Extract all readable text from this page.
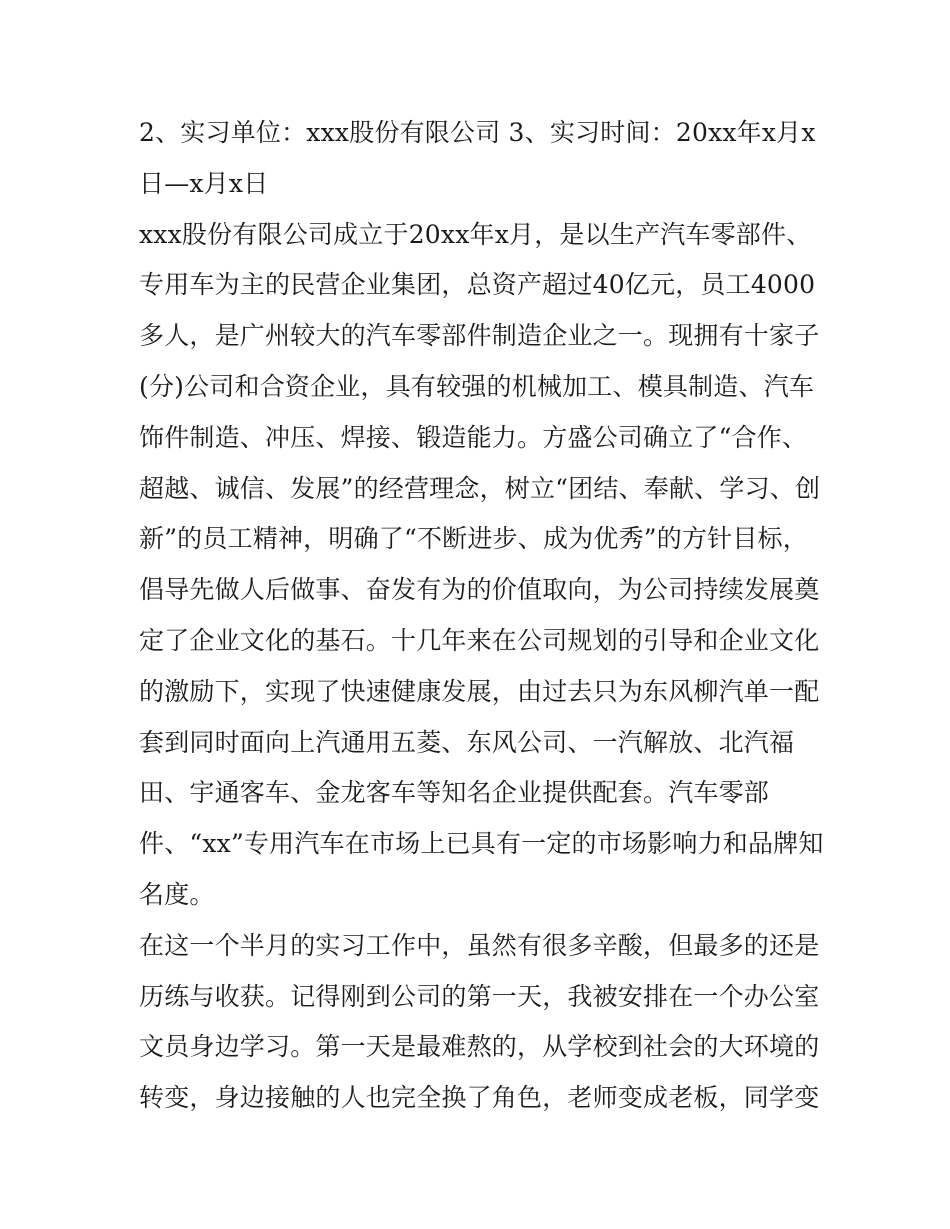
2、实习单位：xxx股份有限公司 3、实习时间：20xx年x月x
日—x月x日
xxx股份有限公司成立于20xx年x月，是以生产汽车零部件、
专用车为主的民营企业集团，总资产超过40亿元，员工4000
多人，是广州较大的汽车零部件制造企业之一。现拥有十家子
(分)公司和合资企业，具有较强的机械加工、模具制造、汽车
饰件制造、冲压、焊接、锻造能力。方盛公司确立了“合作、
超越、诚信、发展”的经营理念，树立“团结、奉献、学习、创
新”的员工精神，明确了“不断进步、成为优秀”的方针目标，
倡导先做人后做事、奋发有为的价值取向，为公司持续发展奠
定了企业文化的基石。十几年来在公司规划的引导和企业文化
的激励下，实现了快速健康发展，由过去只为东风柳汽单一配
套到同时面向上汽通用五菱、东风公司、一汽解放、北汽福
田、宇通客车、金龙客车等知名企业提供配套。汽车零部
件、“xx”专用汽车在市场上已具有一定的市场影响力和品牌知
名度。
在这一个半月的实习工作中，虽然有很多辛酸，但最多的还是
历练与收获。记得刚到公司的第一天，我被安排在一个办公室
文员身边学习。第一天是最难熬的，从学校到社会的大环境的
转变，身边接触的人也完全换了角色，老师变成老板，同学变
